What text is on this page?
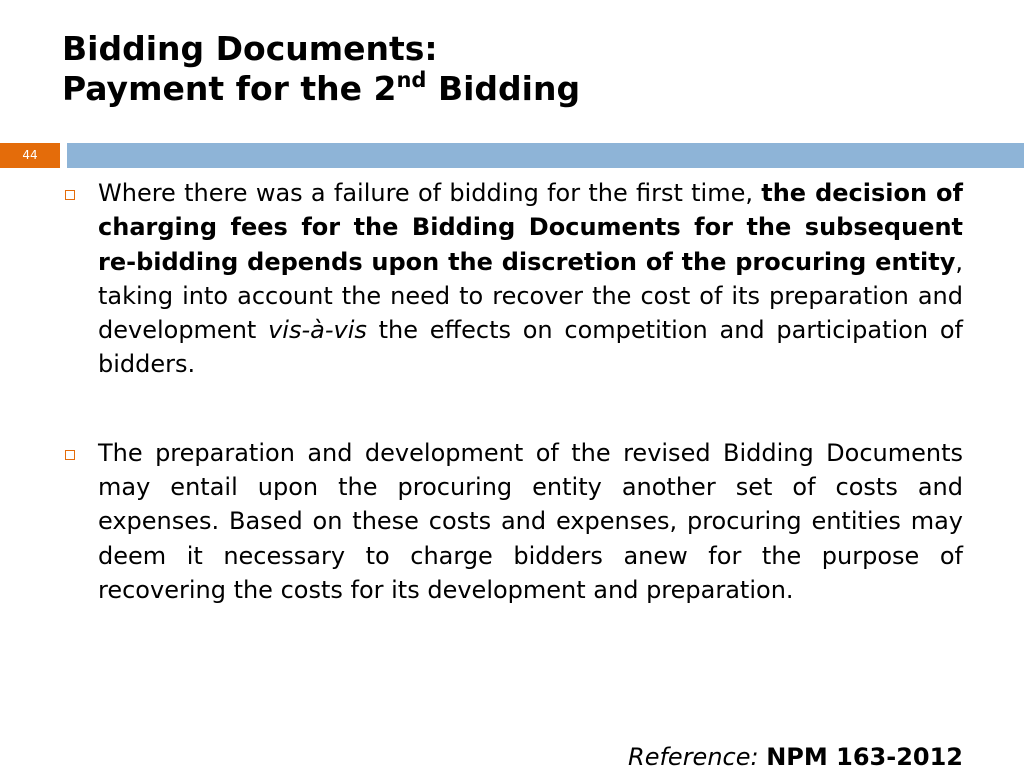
Bidding Documents:
Payment for the 2nd Bidding
44
Where there was a failure of bidding for the first time, the decision of charging fees for the Bidding Documents for the subsequent re-bidding depends upon the discretion of the procuring entity, taking into account the need to recover the cost of its preparation and development vis-à-vis the effects on competition and participation of bidders.
The preparation and development of the revised Bidding Documents may entail upon the procuring entity another set of costs and expenses. Based on these costs and expenses, procuring entities may deem it necessary to charge bidders anew for the purpose of recovering the costs for its development and preparation.
Reference: NPM 163-2012
